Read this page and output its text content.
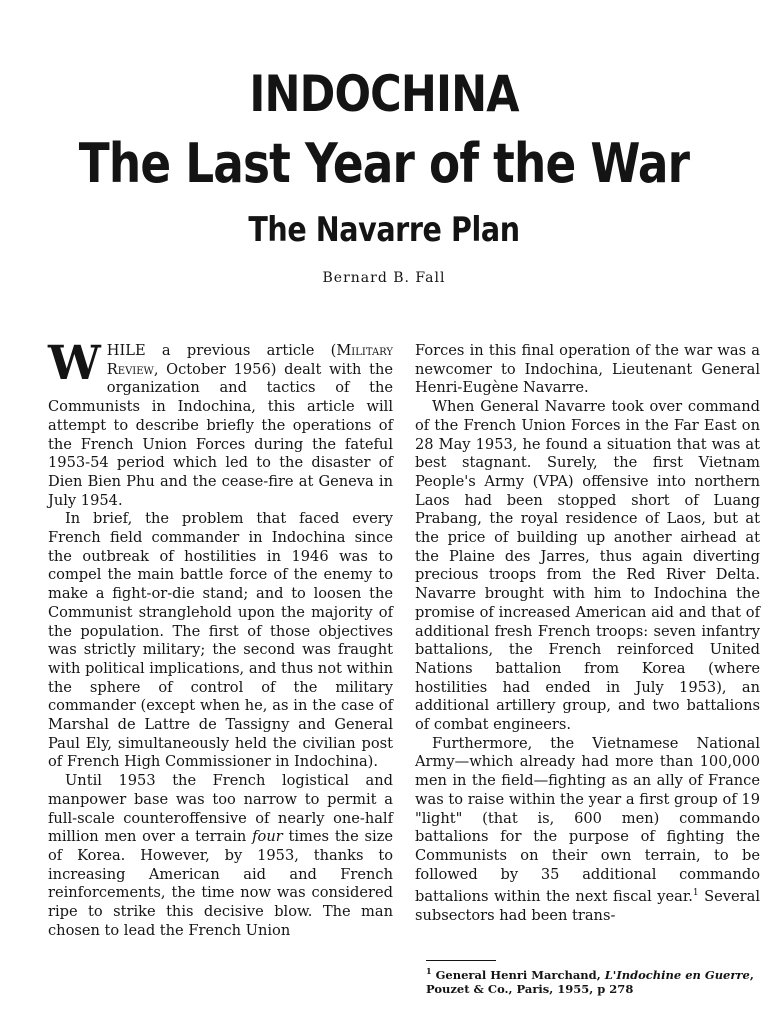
INDOCHINA
The Last Year of the War
The Navarre Plan
Bernard B. Fall

WHILE a previous article (Military Review, October 1956) dealt with the organization and tactics of the Communists in Indochina, this article will attempt to describe briefly the operations of the French Union Forces during the fateful 1953-54 period which led to the disaster of Dien Bien Phu and the cease-fire at Geneva in July 1954.

In brief, the problem that faced every French field commander in Indochina since the outbreak of hostilities in 1946 was to compel the main battle force of the enemy to make a fight-or-die stand; and to loosen the Communist stranglehold upon the majority of the population. The first of those objectives was strictly military; the second was fraught with political implications, and thus not within the sphere of control of the military commander (except when he, as in the case of Marshal de Lattre de Tassigny and General Paul Ely, simultaneously held the civilian post of French High Commissioner in Indochina).

Until 1953 the French logistical and manpower base was too narrow to permit a full-scale counteroffensive of nearly one-half million men over a terrain four times the size of Korea. However, by 1953, thanks to increasing American aid and French reinforcements, the time now was considered ripe to strike this decisive blow. The man chosen to lead the French Union

Forces in this final operation of the war was a newcomer to Indochina, Lieutenant General Henri-Eugène Navarre.

When General Navarre took over command of the French Union Forces in the Far East on 28 May 1953, he found a situation that was at best stagnant. Surely, the first Vietnam People's Army (VPA) offensive into northern Laos had been stopped short of Luang Prabang, the royal residence of Laos, but at the price of building up another airhead at the Plaine des Jarres, thus again diverting precious troops from the Red River Delta. Navarre brought with him to Indochina the promise of increased American aid and that of additional fresh French troops: seven infantry battalions, the French reinforced United Nations battalion from Korea (where hostilities had ended in July 1953), an additional artillery group, and two battalions of combat engineers.

Furthermore, the Vietnamese National Army—which already had more than 100,000 men in the field—fighting as an ally of France was to raise within the year a first group of 19 "light" (that is, 600 men) commando battalions for the purpose of fighting the Communists on their own terrain, to be followed by 35 additional commando battalions within the next fiscal year.$^1$ Several subsectors had been trans-

$^1$ General Henri Marchand, L'Indochine en Guerre, Pouzet & Co., Paris, 1955, p 278
